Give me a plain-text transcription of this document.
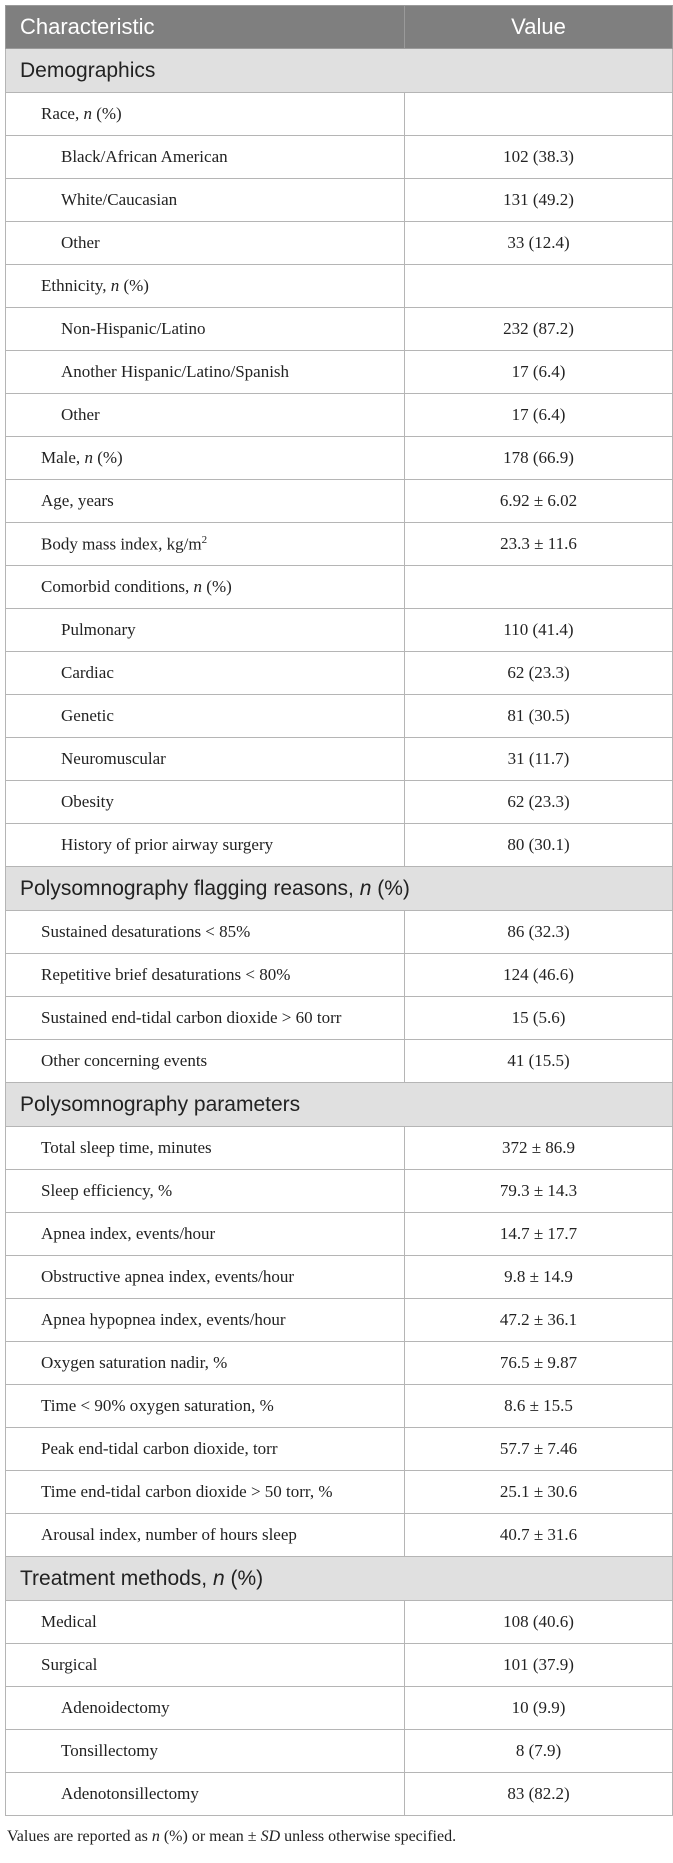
Characteristic	Value
Demographics	
Race, n (%)	
Black/African American	102 (38.3)
White/Caucasian	131 (49.2)
Other	33 (12.4)
Ethnicity, n (%)	
Non-Hispanic/Latino	232 (87.2)
Another Hispanic/Latino/Spanish	17 (6.4)
Other	17 (6.4)
Male, n (%)	178 (66.9)
Age, years	6.92 ± 6.02
Body mass index, $kg/m^2$	23.3 ± 11.6
Comorbid conditions, n (%)	
Pulmonary	110 (41.4)
Cardiac	62 (23.3)
Genetic	81 (30.5)
Neuromuscular	31 (11.7)
Obesity	62 (23.3)
History of prior airway surgery	80 (30.1)
Polysomnography flagging reasons, n (%)	
Sustained desaturations < 85%	86 (32.3)
Repetitive brief desaturations < 80%	124 (46.6)
Sustained end-tidal carbon dioxide > 60 torr	15 (5.6)
Other concerning events	41 (15.5)
Polysomnography parameters	
Total sleep time, minutes	372 ± 86.9
Sleep efficiency, %	79.3 ± 14.3
Apnea index, events/hour	14.7 ± 17.7
Obstructive apnea index, events/hour	9.8 ± 14.9
Apnea hypopnea index, events/hour	47.2 ± 36.1
Oxygen saturation nadir, %	76.5 ± 9.87
Time < 90% oxygen saturation, %	8.6 ± 15.5
Peak end-tidal carbon dioxide, torr	57.7 ± 7.46
Time end-tidal carbon dioxide > 50 torr, %	25.1 ± 30.6
Arousal index, number of hours sleep	40.7 ± 31.6
Treatment methods, n (%)	
Medical	108 (40.6)
Surgical	101 (37.9)
Adenoidectomy	10 (9.9)
Tonsillectomy	8 (7.9)
Adenotonsillectomy	83 (82.2)
Values are reported as n (%) or mean ± SD unless otherwise specified.
